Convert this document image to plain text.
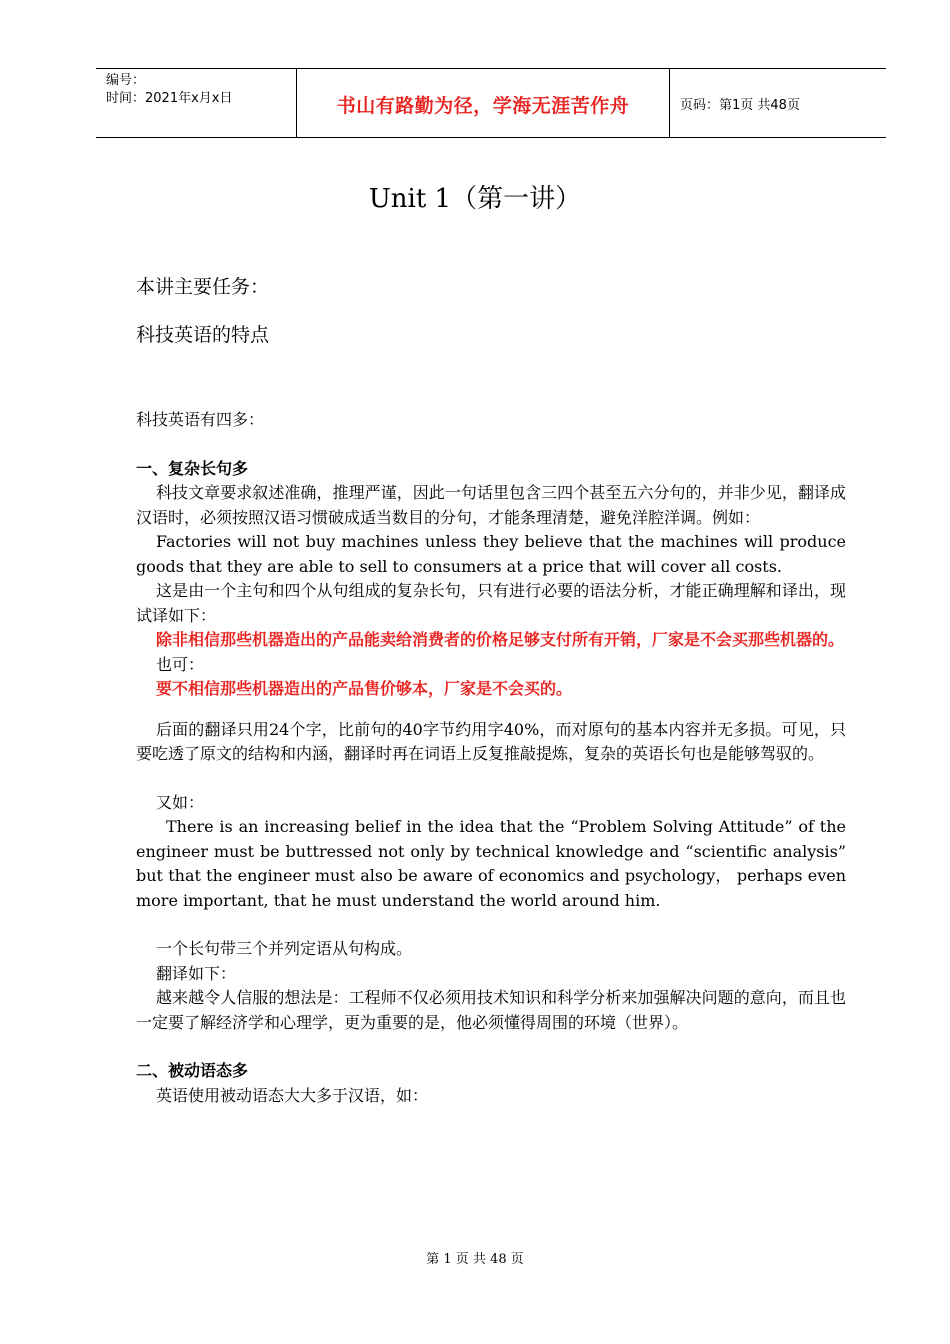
编号：
时间：2021年x月x日	书山有路勤为径，学海无涯苦作舟	页码：第1页 共48页
Unit 1（第一讲）
本讲主要任务：
科技英语的特点

科技英语有四多：

一、复杂长句多

科技文章要求叙述准确，推理严谨，因此一句话里包含三四个甚至五六分句的，并非少见，翻译成汉语时，必须按照汉语习惯破成适当数目的分句，才能条理清楚，避免洋腔洋调。例如：

Factories will not buy machines unless they believe that the machines will produce goods that they are able to sell to consumers at a price that will cover all costs.

这是由一个主句和四个从句组成的复杂长句，只有进行必要的语法分析，才能正确理解和译出，现试译如下：

除非相信那些机器造出的产品能卖给消费者的价格足够支付所有开销，厂家是不会买那些机器的。

也可：

要不相信那些机器造出的产品售价够本，厂家是不会买的。

后面的翻译只用24个字，比前句的40字节约用字40%，而对原句的基本内容并无多损。可见，只要吃透了原文的结构和内涵，翻译时再在词语上反复推敲提炼，复杂的英语长句也是能够驾驭的。

又如：

There is an increasing belief in the idea that the “Problem Solving Attitude” of the engineer must be buttressed not only by technical knowledge and “scientific analysis” but that the engineer must also be aware of economics and psychology， perhaps even more important, that he must understand the world around him.

一个长句带三个并列定语从句构成。

翻译如下：

越来越令人信服的想法是：工程师不仅必须用技术知识和科学分析来加强解决问题的意向，而且也一定要了解经济学和心理学，更为重要的是，他必须懂得周围的环境（世界）。

二、被动语态多

英语使用被动语态大大多于汉语，如：

第 1 页 共 48 页
